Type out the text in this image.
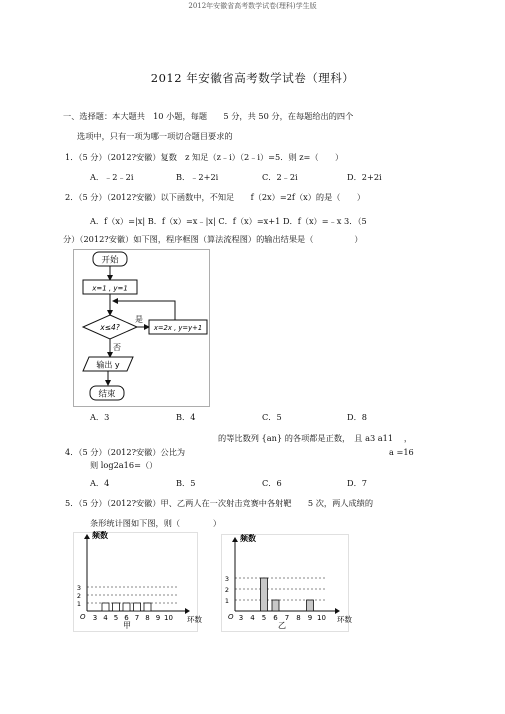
2012年安徽省高考数学试卷(理科)学生版
2012 年安徽省高考数学试卷（理科）
一、选择题：本大题共　10 小题，每题　　5 分，共 50 分，在每题给出的四个
选项中，只有一项为哪一项切合题目要求的
1．（5 分）（2012?安徽）复数　z 知足（z﹣i）（2﹣i）=5．则 z=（　　）
A．﹣2﹣2i	B．﹣2+2i	C．2﹣2i	D．2+2i
2．（5 分）（2012?安徽）以下函数中，不知足　　f（2x）=2f（x）的是（　　）
A．f（x）=|x| B．f（x）=x﹣|x| C．f（x）=x+1 D．f（x）=﹣x 3．（5
分）（2012?安徽）如下图，程序框图（算法流程图）的输出结果是（　　　　　）
开始
x=1 , y=1
x≤4?
是
x=2x , y=y+1
否
输出 y
结束
A．3	B．4	C．5	D．8
的等比数列 {an} 的各项都是正数，　且 a3 a11 　，
4．（5 分）（2012?安徽）公比为	a =16
则 log2a16=（）
A．4	B．5	C．6	D．7
5．（5 分）（2012?安徽）甲、乙两人在一次射击竞赛中各射靶　　5 次，两人成绩的
条形统计图如下图，则（　　　　）
频数
O
1
2
3
3 4 5 6 7 8 9 10 环数
甲
频数
O
1
2
3
3 4 5 6 7 8 9 10 环数
乙
